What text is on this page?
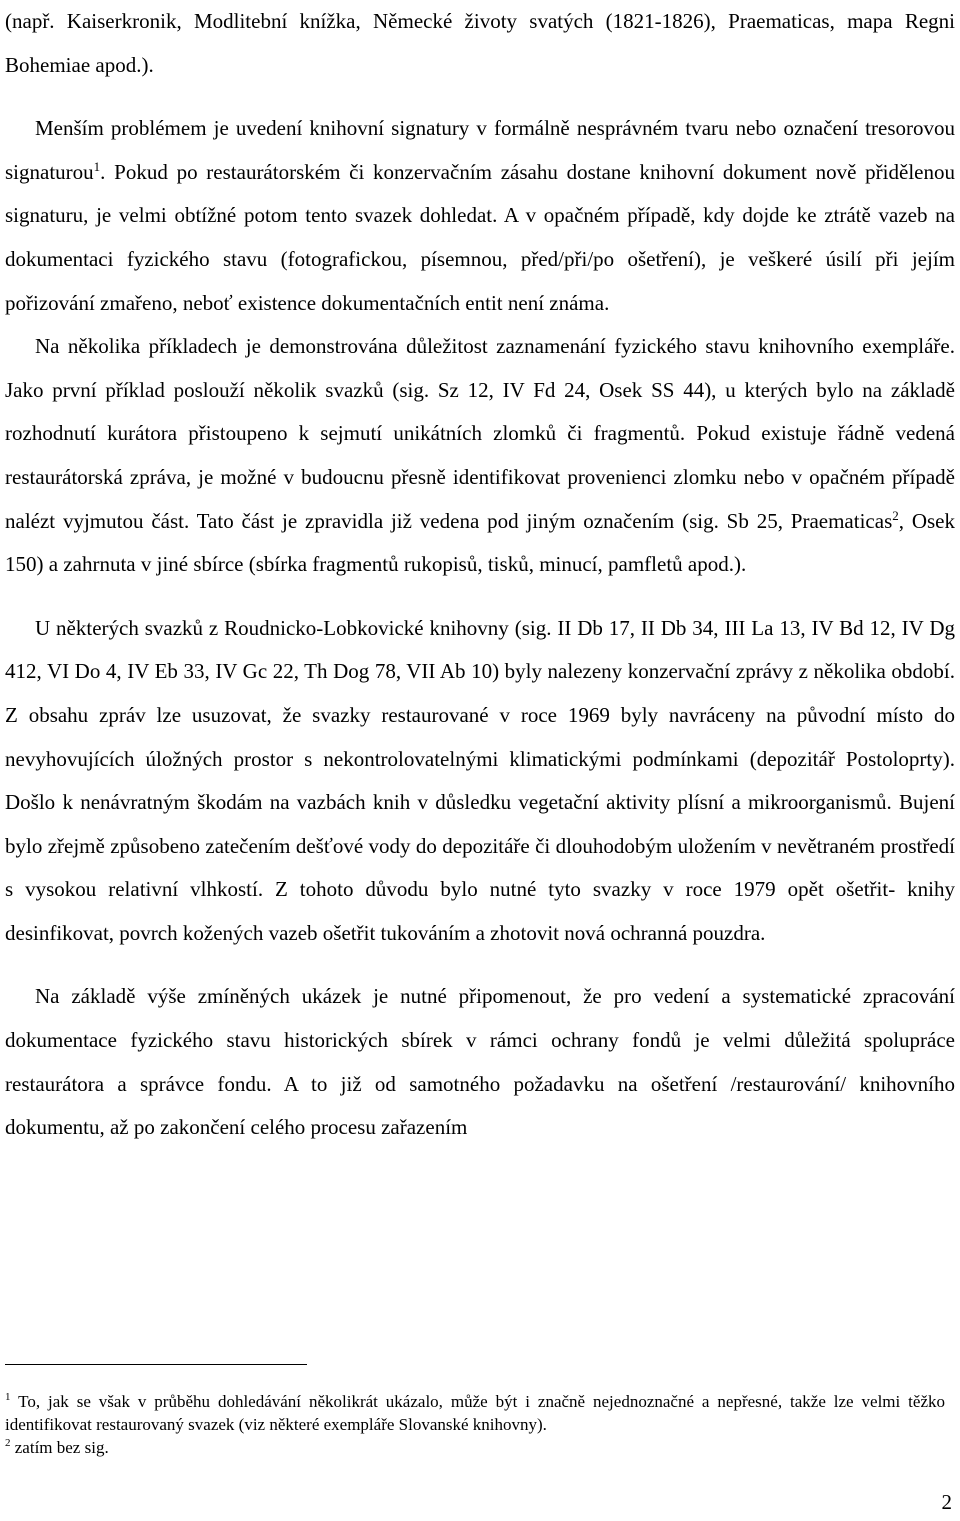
(např. Kaiserkronik, Modlitební knížka, Německé životy svatých (1821-1826), Praematicas, mapa Regni Bohemiae apod.).

Menším problémem je uvedení knihovní signatury v formálně nesprávném tvaru nebo označení tresorovou signaturou$^1$. Pokud po restaurátorském či konzervačním zásahu dostane knihovní dokument nově přidělenou signaturu, je velmi obtížné potom tento svazek dohledat. A v opačném případě, kdy dojde ke ztrátě vazeb na dokumentaci fyzického stavu (fotografickou, písemnou, před/při/po ošetření), je veškeré úsilí při jejím pořizování zmařeno, neboť existence dokumentačních entit není známa.

Na několika příkladech je demonstrována důležitost zaznamenání fyzického stavu knihovního exempláře. Jako první příklad poslouží několik svazků (sig. Sz 12, IV Fd 24, Osek SS 44), u kterých bylo na základě rozhodnutí kurátora přistoupeno k sejmutí unikátních zlomků či fragmentů. Pokud existuje řádně vedená restaurátorská zpráva, je možné v budoucnu přesně identifikovat provenienci zlomku nebo v opačném případě nalézt vyjmutou část. Tato část je zpravidla již vedena pod jiným označením (sig. Sb 25, Praematicas$^2$, Osek 150) a zahrnuta v jiné sbírce (sbírka fragmentů rukopisů, tisků, minucí, pamfletů apod.).

U některých svazků z Roudnicko-Lobkovické knihovny (sig. II Db 17, II Db 34, III La 13, IV Bd 12, IV Dg 412, VI Do 4, IV Eb 33, IV Gc 22, Th Dog 78, VII Ab 10) byly nalezeny konzervační zprávy z několika období. Z obsahu zpráv lze usuzovat, že svazky restaurované v roce 1969 byly navráceny na původní místo do nevyhovujících úložných prostor s nekontrolovatelnými klimatickými podmínkami (depozitář Postoloprty). Došlo k nenávratným škodám na vazbách knih v důsledku vegetační aktivity plísní a mikroorganismů. Bujení bylo zřejmě způsobeno zatečením dešťové vody do depozitáře či dlouhodobým uložením v nevětraném prostředí s vysokou relativní vlhkostí. Z tohoto důvodu bylo nutné tyto svazky v roce 1979 opět ošetřit- knihy desinfikovat, povrch kožených vazeb ošetřit tukováním a zhotovit nová ochranná pouzdra.

Na základě výše zmíněných ukázek je nutné připomenout, že pro vedení a systematické zpracování dokumentace fyzického stavu historických sbírek v rámci ochrany fondů je velmi důležitá spolupráce restaurátora a správce fondu. A to již od samotného požadavku na ošetření /restaurování/ knihovního dokumentu, až po zakončení celého procesu zařazením

$^1$ To, jak se však v průběhu dohledávání několikrát ukázalo, může být i značně nejednoznačné a nepřesné, takže lze velmi těžko identifikovat restaurovaný svazek (viz některé exempláře Slovanské knihovny).

$^2$ zatím bez sig.

2
